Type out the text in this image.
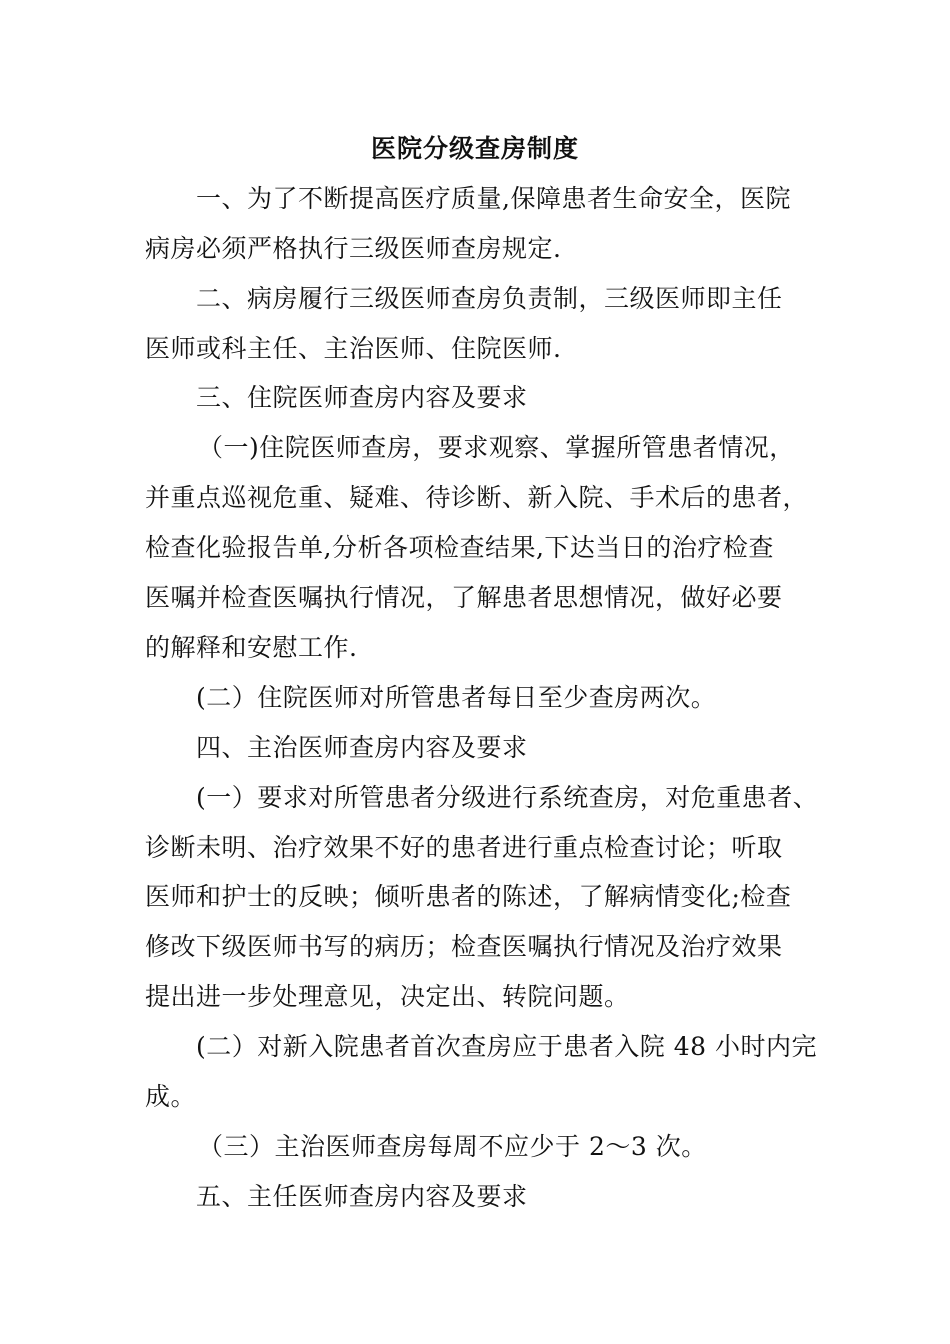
医院分级查房制度
一、为了不断提高医疗质量,保障患者生命安全，医院
病房必须严格执行三级医师查房规定.
二、病房履行三级医师查房负责制，三级医师即主任
医师或科主任、主治医师、住院医师.
三、住院医师查房内容及要求
（一)住院医师查房，要求观察、掌握所管患者情况，
并重点巡视危重、疑难、待诊断、新入院、手术后的患者，
检查化验报告单,分析各项检查结果,下达当日的治疗检查
医嘱并检查医嘱执行情况，了解患者思想情况，做好必要
的解释和安慰工作.
(二）住院医师对所管患者每日至少查房两次。
四、主治医师查房内容及要求
(一）要求对所管患者分级进行系统查房，对危重患者、
诊断未明、治疗效果不好的患者进行重点检查讨论；听取
医师和护士的反映；倾听患者的陈述，了解病情变化;检查
修改下级医师书写的病历；检查医嘱执行情况及治疗效果
提出进一步处理意见，决定出、转院问题。
(二）对新入院患者首次查房应于患者入院 48 小时内完
成。
（三）主治医师查房每周不应少于 2～3 次。
五、主任医师查房内容及要求
